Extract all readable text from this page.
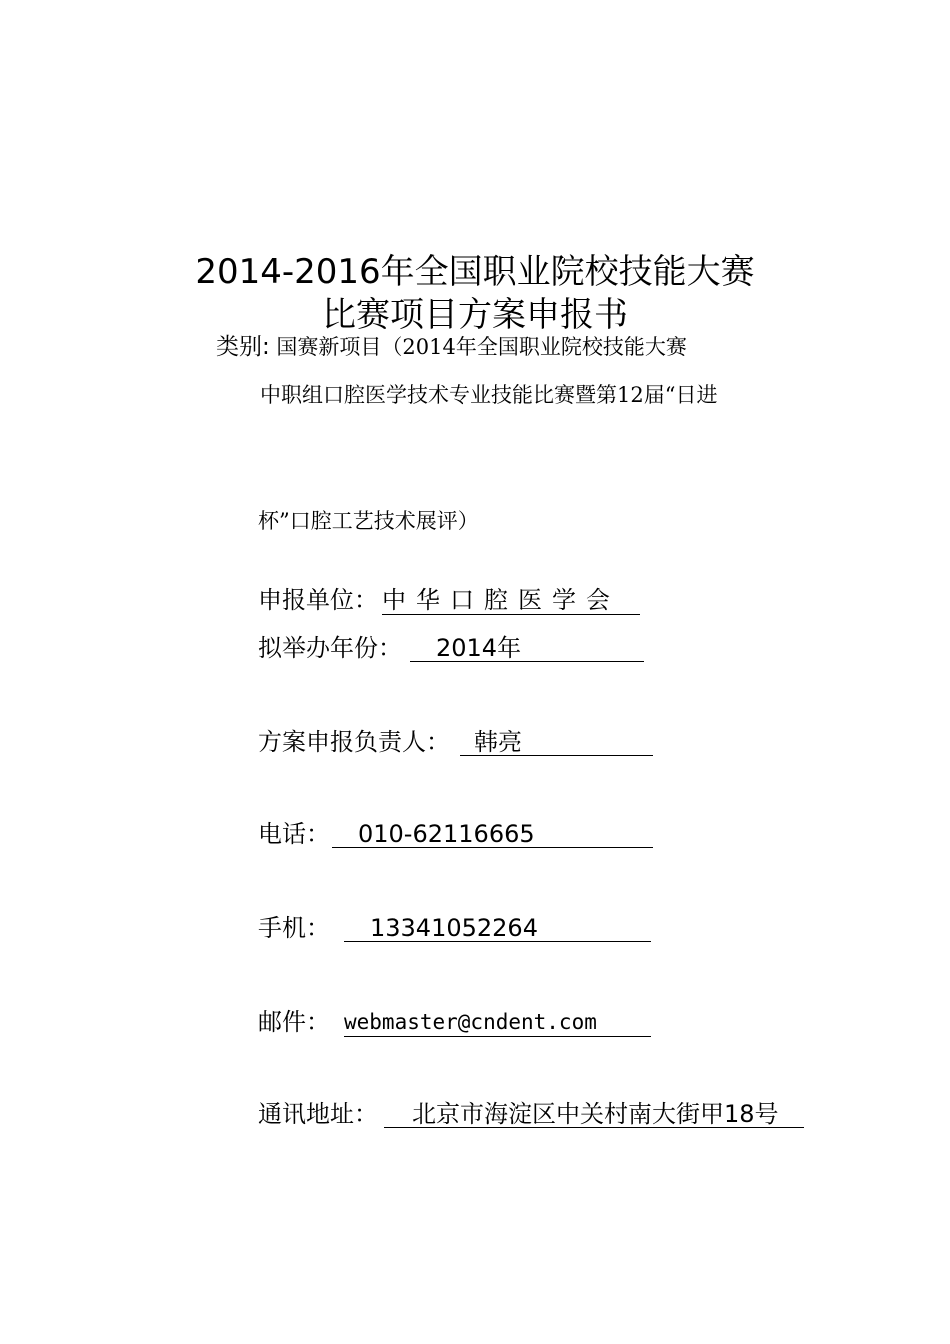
2014-2016年全国职业院校技能大赛
比赛项目方案申报书
类别: 国赛新项目（2014年全国职业院校技能大赛
中职组口腔医学技术专业技能比赛暨第12届“日进
杯”口腔工艺技术展评）
申报单位： 中华口腔医学会
拟举办年份：	2014年
方案申报负责人：	韩亮
电话：	010-62116665
手机：	13341052264
邮件： webmaster@cndent.com
通讯地址：	北京市海淀区中关村南大街甲18号
